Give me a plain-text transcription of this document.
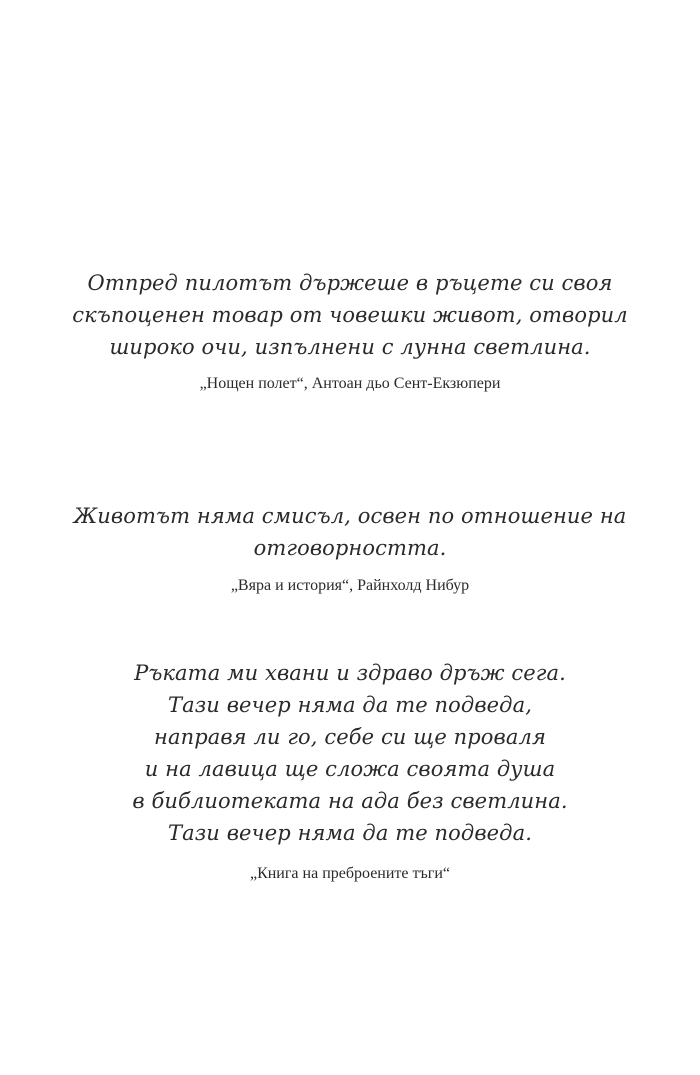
Отпред пилотът държеше в ръцете си своя
скъпоценен товар от човешки живот, отворил
широко очи, изпълнени с лунна светлина.

„Нощен полет“, Антоан дьо Сент-Екзюпери

Животът няма смисъл, освен по отношение на
отговорността.

„Вяра и история“, Райнхолд Нибур

Ръката ми хвани и здраво дръж сега.
Тази вечер няма да те подведа,
направя ли го, себе си ще проваля
и на лавица ще сложа своята душа
в библиотеката на ада без светлина.
Тази вечер няма да те подведа.

„Книга на преброените тъги“
